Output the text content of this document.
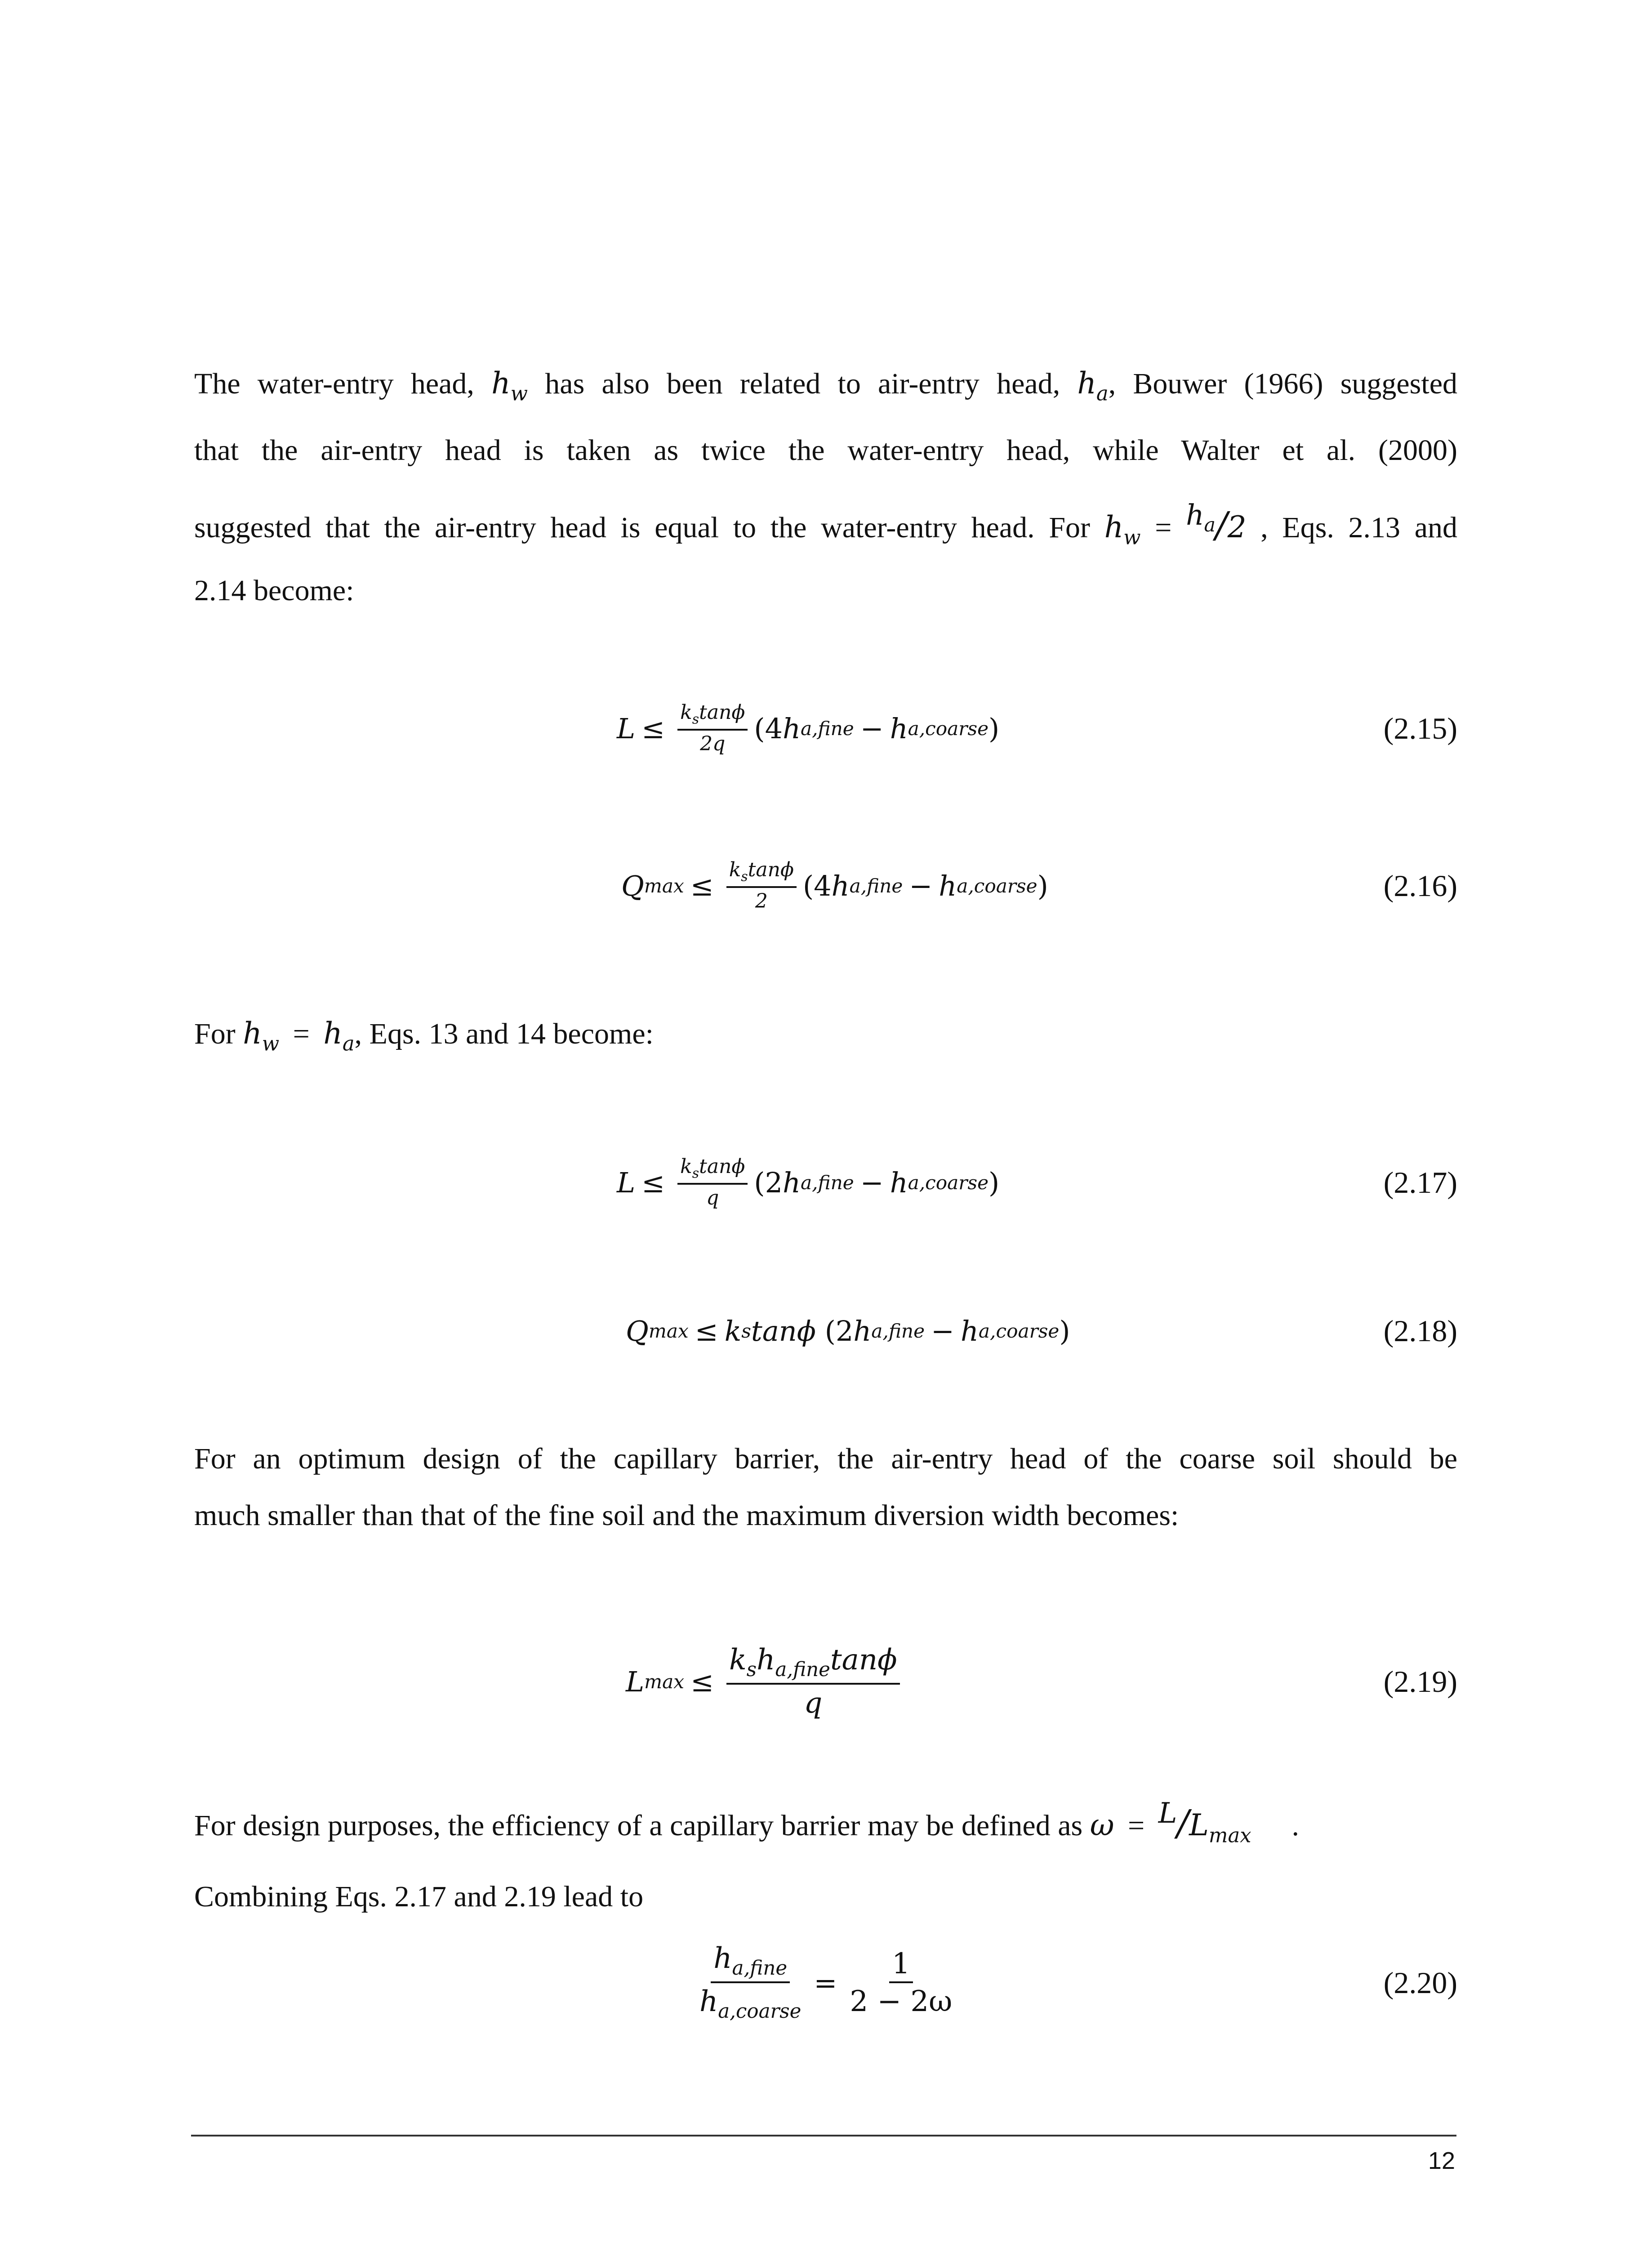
The water-entry head, $h_w$ has also been related to air-entry head, $h_a$, Bouwer (1966) suggested
that the air-entry head is taken as twice the water-entry head, while Walter et al. (2000)
suggested that the air-entry head is equal to the water-entry head. For $h_w = h_a/2$ , Eqs. 2.13 and
2.14 become:
$L \le \frac{k_s\tan\phi}{2q}$ ( 4 h a,fine − h a,coarse )	(2.15)
Q $\max \le \frac{k_s\tan\phi}{2}$ ( 4 h a,fine − h a,coarse )	(2.16)
For $h_w = h_a$, Eqs. 13 and 14 become:
$L \le \frac{k_s\tan\phi}{q}$ ( 2 h a,fine − h a,coarse )	(2.17)
Q max ≤ k s tanϕ ( 2 h a,fine − h a,coarse )	(2.18)
For an optimum design of the capillary barrier, the air-entry head of the coarse soil should be
much smaller than that of the fine soil and the maximum diversion width becomes:
L $\max \le \frac{k_sh_{a,fine}\tan\phi}{q}$	(2.19)
For design purposes, the efficiency of a capillary barrier may be defined as $\omega = L/L_{max}$ .
Combining Eqs. 2.17 and 2.19 lead to
$\frac{h_{a,fine}}{h_{a,coarse}} = \frac{1}{2 - 2\omega}$	(2.20)
12
